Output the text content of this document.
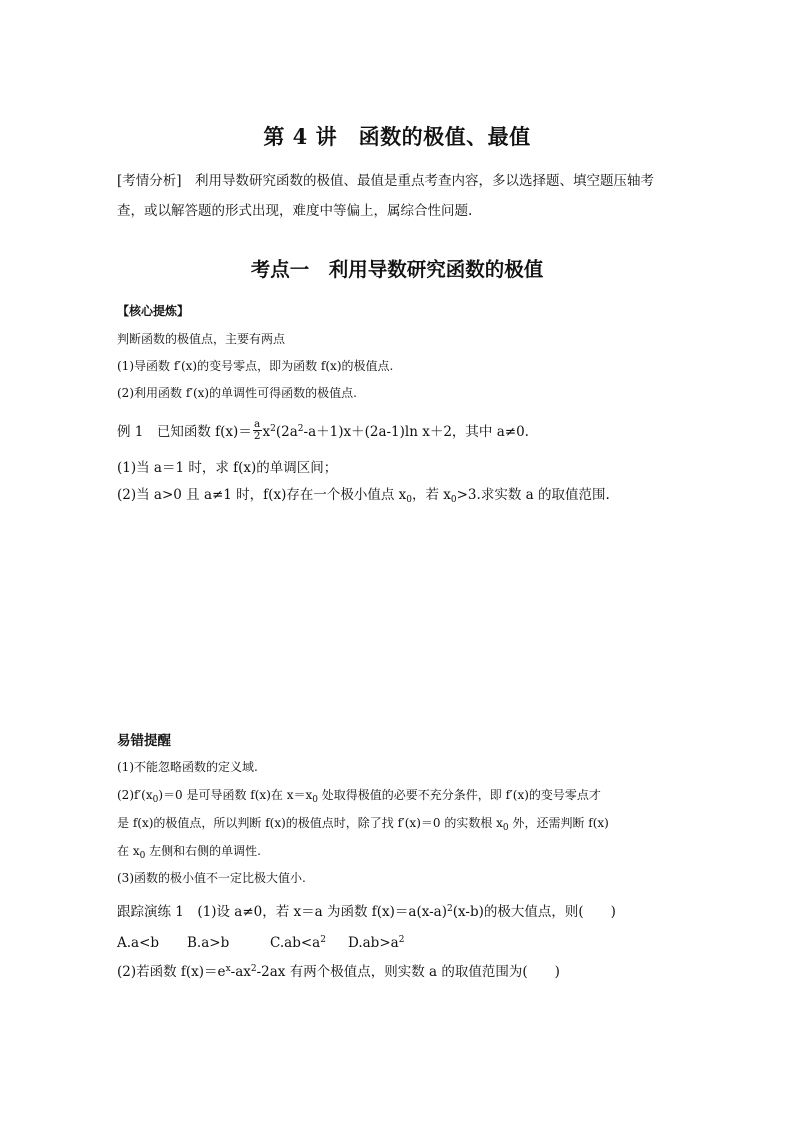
第 4 讲　函数的极值、最值
[考情分析]　利用导数研究函数的极值、最值是重点考查内容，多以选择题、填空题压轴考
查，或以解答题的形式出现，难度中等偏上，属综合性问题.
考点一　利用导数研究函数的极值
【核心提炼】
判断函数的极值点，主要有两点
(1)导函数 f′(x)的变号零点，即为函数 f(x)的极值点.
(2)利用函数 f′(x)的单调性可得函数的极值点.
例 1　已知函数 $f(x)= \frac{a}{2} x^2(2a^2-a+1)x+(2a-1)\ln$ x＋2，其中 a≠0.
(1)当 a＝1 时，求 f(x)的单调区间；
(2)当 a>0 且 a≠1 时，f(x)存在一个极小值点 $x_0$，若 $x_0>3$.求实数 a 的取值范围.
易错提醒
(1)不能忽略函数的定义域.
$(2)f'(x_0)=0$ 是可导函数 f(x)在 $x=x_0$ 处取得极值的必要不充分条件，即 f′(x)的变号零点才
是 f(x)的极值点，所以判断 f(x)的极值点时，除了找 f′(x)＝0 的实数根 $x_0$ 外，还需判断 f(x)
在 $x_0$ 左侧和右侧的单调性.
(3)函数的极小值不一定比极大值小.
跟踪演练 1　(1)设 a≠0，若 x＝a 为函数 $f(x)=a(x-a)^2(x-b)$的极大值点，则(　　)
A.a<b B.a>b	$C.ab<a^2$ $D.ab>a^2$
(2)若函数 $f(x)=e^x-ax^2-2ax$ 有两个极值点，则实数 a 的取值范围为(　　)
